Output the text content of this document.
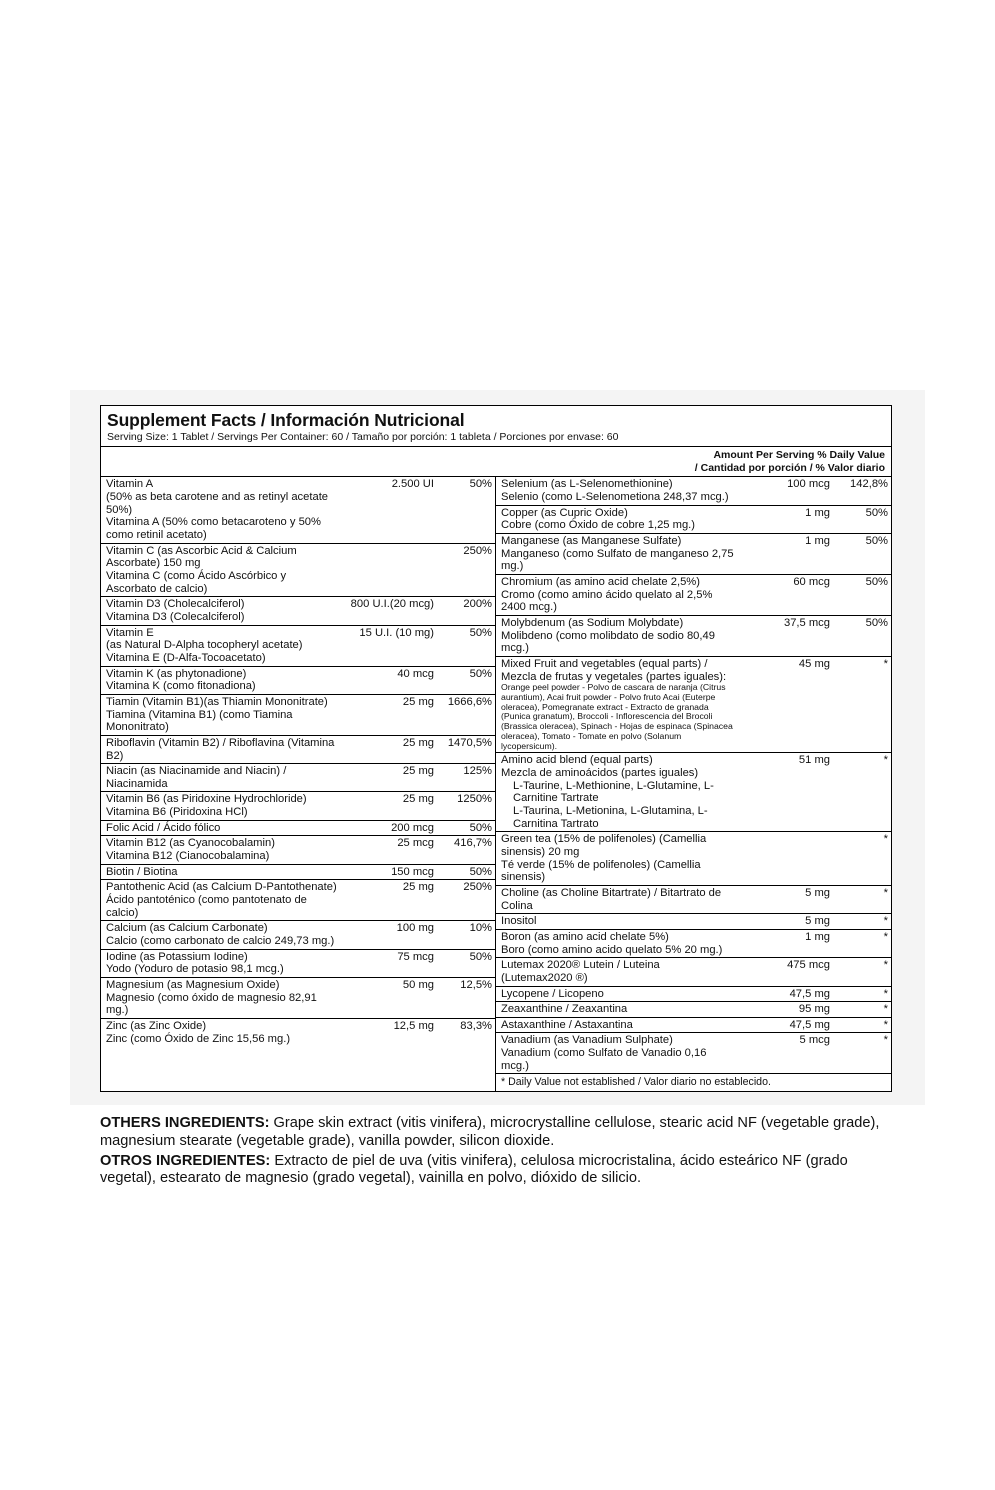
Supplement Facts / Información Nutricional
Serving Size: 1 Tablet / Servings Per Container: 60 / Tamaño por porción: 1 tableta / Porciones por envase: 60
Amount Per Serving % Daily Value
/ Cantidad por porción / % Valor diario
Vitamin A
(50% as beta carotene and as retinyl acetate 50%)
Vitamina A (50% como betacaroteno y 50% como retinil acetato)	2.500 UI	50%

Vitamin C (as Ascorbic Acid & Calcium Ascorbate) 150 mg
Vitamina C (como Ácido Ascórbico y Ascorbato de calcio)		250%

Vitamin D3 (Cholecalciferol)
Vitamina D3 (Colecalciferol)	800 U.I.(20 mcg)	200%

Vitamin E
(as Natural D-Alpha tocopheryl acetate)
Vitamina E (D-Alfa-Tocoacetato)	15 U.I. (10 mg)	50%

Vitamin K (as phytonadione)
Vitamina K (como fitonadiona)	40 mcg	50%

Tiamin (Vitamin B1)(as Thiamin Mononitrate)
Tiamina (Vitamina B1) (como Tiamina Mononitrato)	25 mg	1666,6%

Riboflavin (Vitamin B2) / Riboflavina (Vitamina B2)	25 mg	1470,5%

Niacin (as Niacinamide and Niacin) / Niacinamida	25 mg	125%

Vitamin B6 (as Piridoxine Hydrochloride)
Vitamina B6 (Piridoxina HCl)	25 mg	1250%

Folic Acid / Ácido fólico	200 mcg	50%

Vitamin B12 (as Cyanocobalamin)
Vitamina B12 (Cianocobalamina)	25 mcg	416,7%

Biotin / Biotina	150 mcg	50%

Pantothenic Acid (as Calcium D-Pantothenate)
Ácido pantoténico (como pantotenato de calcio)	25 mg	250%

Calcium (as Calcium Carbonate)
Calcio (como carbonato de calcio 249,73 mg.)	100 mg	10%

Iodine (as Potassium Iodine)
Yodo (Yoduro de potasio 98,1 mcg.)	75 mcg	50%

Magnesium (as Magnesium Oxide)
Magnesio (como óxido de magnesio 82,91 mg.)	50 mg	12,5%

Zinc (as Zinc Oxide)
Zinc (como Óxido de Zinc 15,56 mg.)	12,5 mg	83,3%
Selenium (as L-Selenomethionine)
Selenio (como L-Selenometiona 248,37 mcg.)	100 mcg	142,8%

Copper (as Cupric Oxide)
Cobre (como Óxido de cobre 1,25 mg.)	1 mg	50%

Manganese (as Manganese Sulfate)
Manganeso (como Sulfato de manganeso 2,75 mg.)	1 mg	50%

Chromium (as amino acid chelate 2,5%)
Cromo (como amino ácido quelato al 2,5% 2400 mcg.)	60 mcg	50%

Molybdenum (as Sodium Molybdate)
Molibdeno (como molibdato de sodio 80,49 mcg.)	37,5 mcg	50%

Mixed Fruit and vegetables (equal parts) /
Mezcla de frutas y vegetales (partes iguales):
Orange peel powder - Polvo de cascara de naranja (Citrus aurantium), Acai fruit powder - Polvo fruto Acai (Euterpe oleracea), Pomegranate extract - Extracto de granada (Punica granatum), Broccoli - Inflorescencia del Brocoli (Brassica oleracea), Spinach - Hojas de espinaca (Spinacea oleracea), Tomato - Tomate en polvo (Solanum lycopersicum).	45 mg	*

Amino acid blend (equal parts)
Mezcla de aminoácidos (partes iguales)
L-Taurine, L-Methionine, L-Glutamine, L-Carnitine Tartrate
L-Taurina, L-Metionina, L-Glutamina, L-Carnitina Tartrato	51 mg	*

Green tea (15% de polifenoles) (Camellia sinensis) 20 mg
Té verde (15% de polifenoles) (Camellia sinensis)		*

Choline (as Choline Bitartrate) / Bitartrato de Colina	5 mg	*

Inositol	5 mg	*

Boron (as amino acid chelate 5%)
Boro (como amino acido quelato 5% 20 mg.)	1 mg	*

Lutemax 2020® Lutein / Luteina (Lutemax2020 ®)	475 mcg	*

Lycopene / Licopeno	47,5 mg	*

Zeaxanthine / Zeaxantina	95 mg	*

Astaxanthine / Astaxantina	47,5 mg	*

Vanadium (as Vanadium Sulphate)
Vanadium (como Sulfato de Vanadio 0,16 mcg.)	5 mcg	*
* Daily Value not established / Valor diario no establecido.

OTHERS INGREDIENTS: Grape skin extract (vitis vinifera), microcrystalline cellulose, stearic acid NF (vegetable grade), magnesium stearate (vegetable grade), vanilla powder, silicon dioxide.

OTROS INGREDIENTES: Extracto de piel de uva (vitis vinifera), celulosa microcristalina, ácido esteárico NF (grado vegetal), estearato de magnesio (grado vegetal), vainilla en polvo, dióxido de silicio.
